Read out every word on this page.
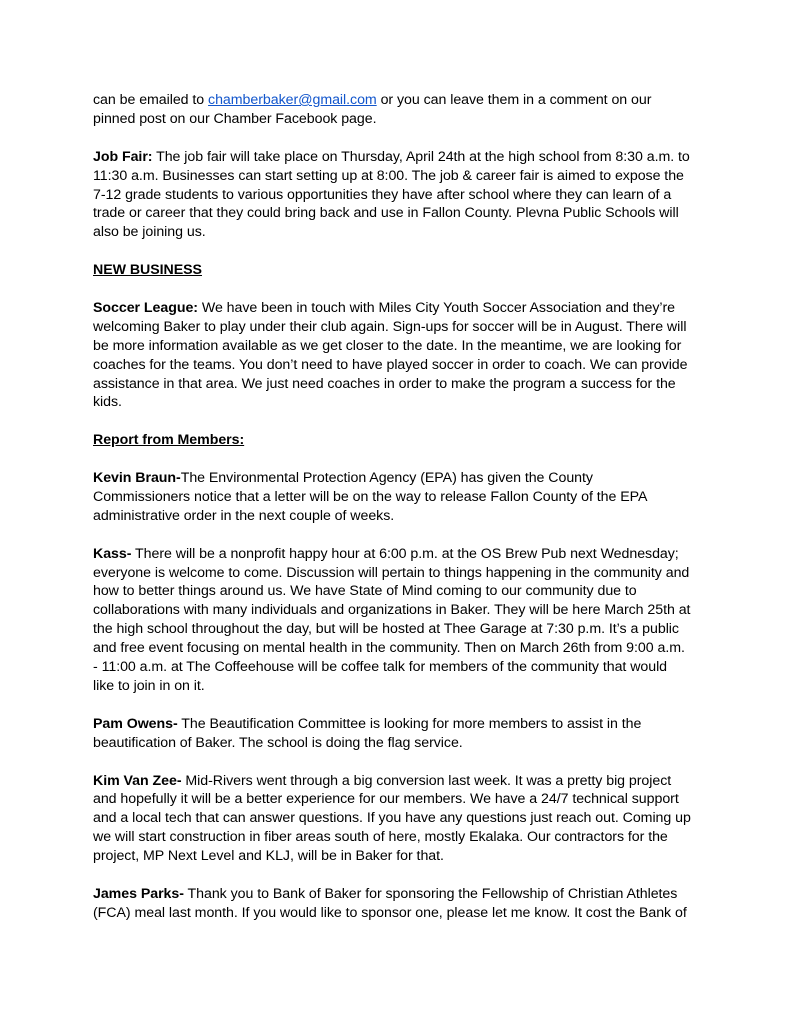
can be emailed to chamberbaker@gmail.com or you can leave them in a comment on our
pinned post on our Chamber Facebook page.
Job Fair: The job fair will take place on Thursday, April 24th at the high school from 8:30 a.m. to
11:30 a.m. Businesses can start setting up at 8:00. The job & career fair is aimed to expose the
7-12 grade students to various opportunities they have after school where they can learn of a
trade or career that they could bring back and use in Fallon County. Plevna Public Schools will
also be joining us.
NEW BUSINESS
Soccer League: We have been in touch with Miles City Youth Soccer Association and they’re
welcoming Baker to play under their club again. Sign-ups for soccer will be in August. There will
be more information available as we get closer to the date. In the meantime, we are looking for
coaches for the teams. You don’t need to have played soccer in order to coach. We can provide
assistance in that area. We just need coaches in order to make the program a success for the
kids.
Report from Members:
Kevin Braun-The Environmental Protection Agency (EPA) has given the County
Commissioners notice that a letter will be on the way to release Fallon County of the EPA
administrative order in the next couple of weeks.
Kass- There will be a nonprofit happy hour at 6:00 p.m. at the OS Brew Pub next Wednesday;
everyone is welcome to come. Discussion will pertain to things happening in the community and
how to better things around us. We have State of Mind coming to our community due to
collaborations with many individuals and organizations in Baker. They will be here March 25th at
the high school throughout the day, but will be hosted at Thee Garage at 7:30 p.m. It’s a public
and free event focusing on mental health in the community. Then on March 26th from 9:00 a.m.
- 11:00 a.m. at The Coffeehouse will be coffee talk for members of the community that would
like to join in on it.
Pam Owens- The Beautification Committee is looking for more members to assist in the
beautification of Baker. The school is doing the flag service.
Kim Van Zee- Mid-Rivers went through a big conversion last week. It was a pretty big project
and hopefully it will be a better experience for our members. We have a 24/7 technical support
and a local tech that can answer questions. If you have any questions just reach out. Coming up
we will start construction in fiber areas south of here, mostly Ekalaka. Our contractors for the
project, MP Next Level and KLJ, will be in Baker for that.
James Parks- Thank you to Bank of Baker for sponsoring the Fellowship of Christian Athletes
(FCA) meal last month. If you would like to sponsor one, please let me know. It cost the Bank of
